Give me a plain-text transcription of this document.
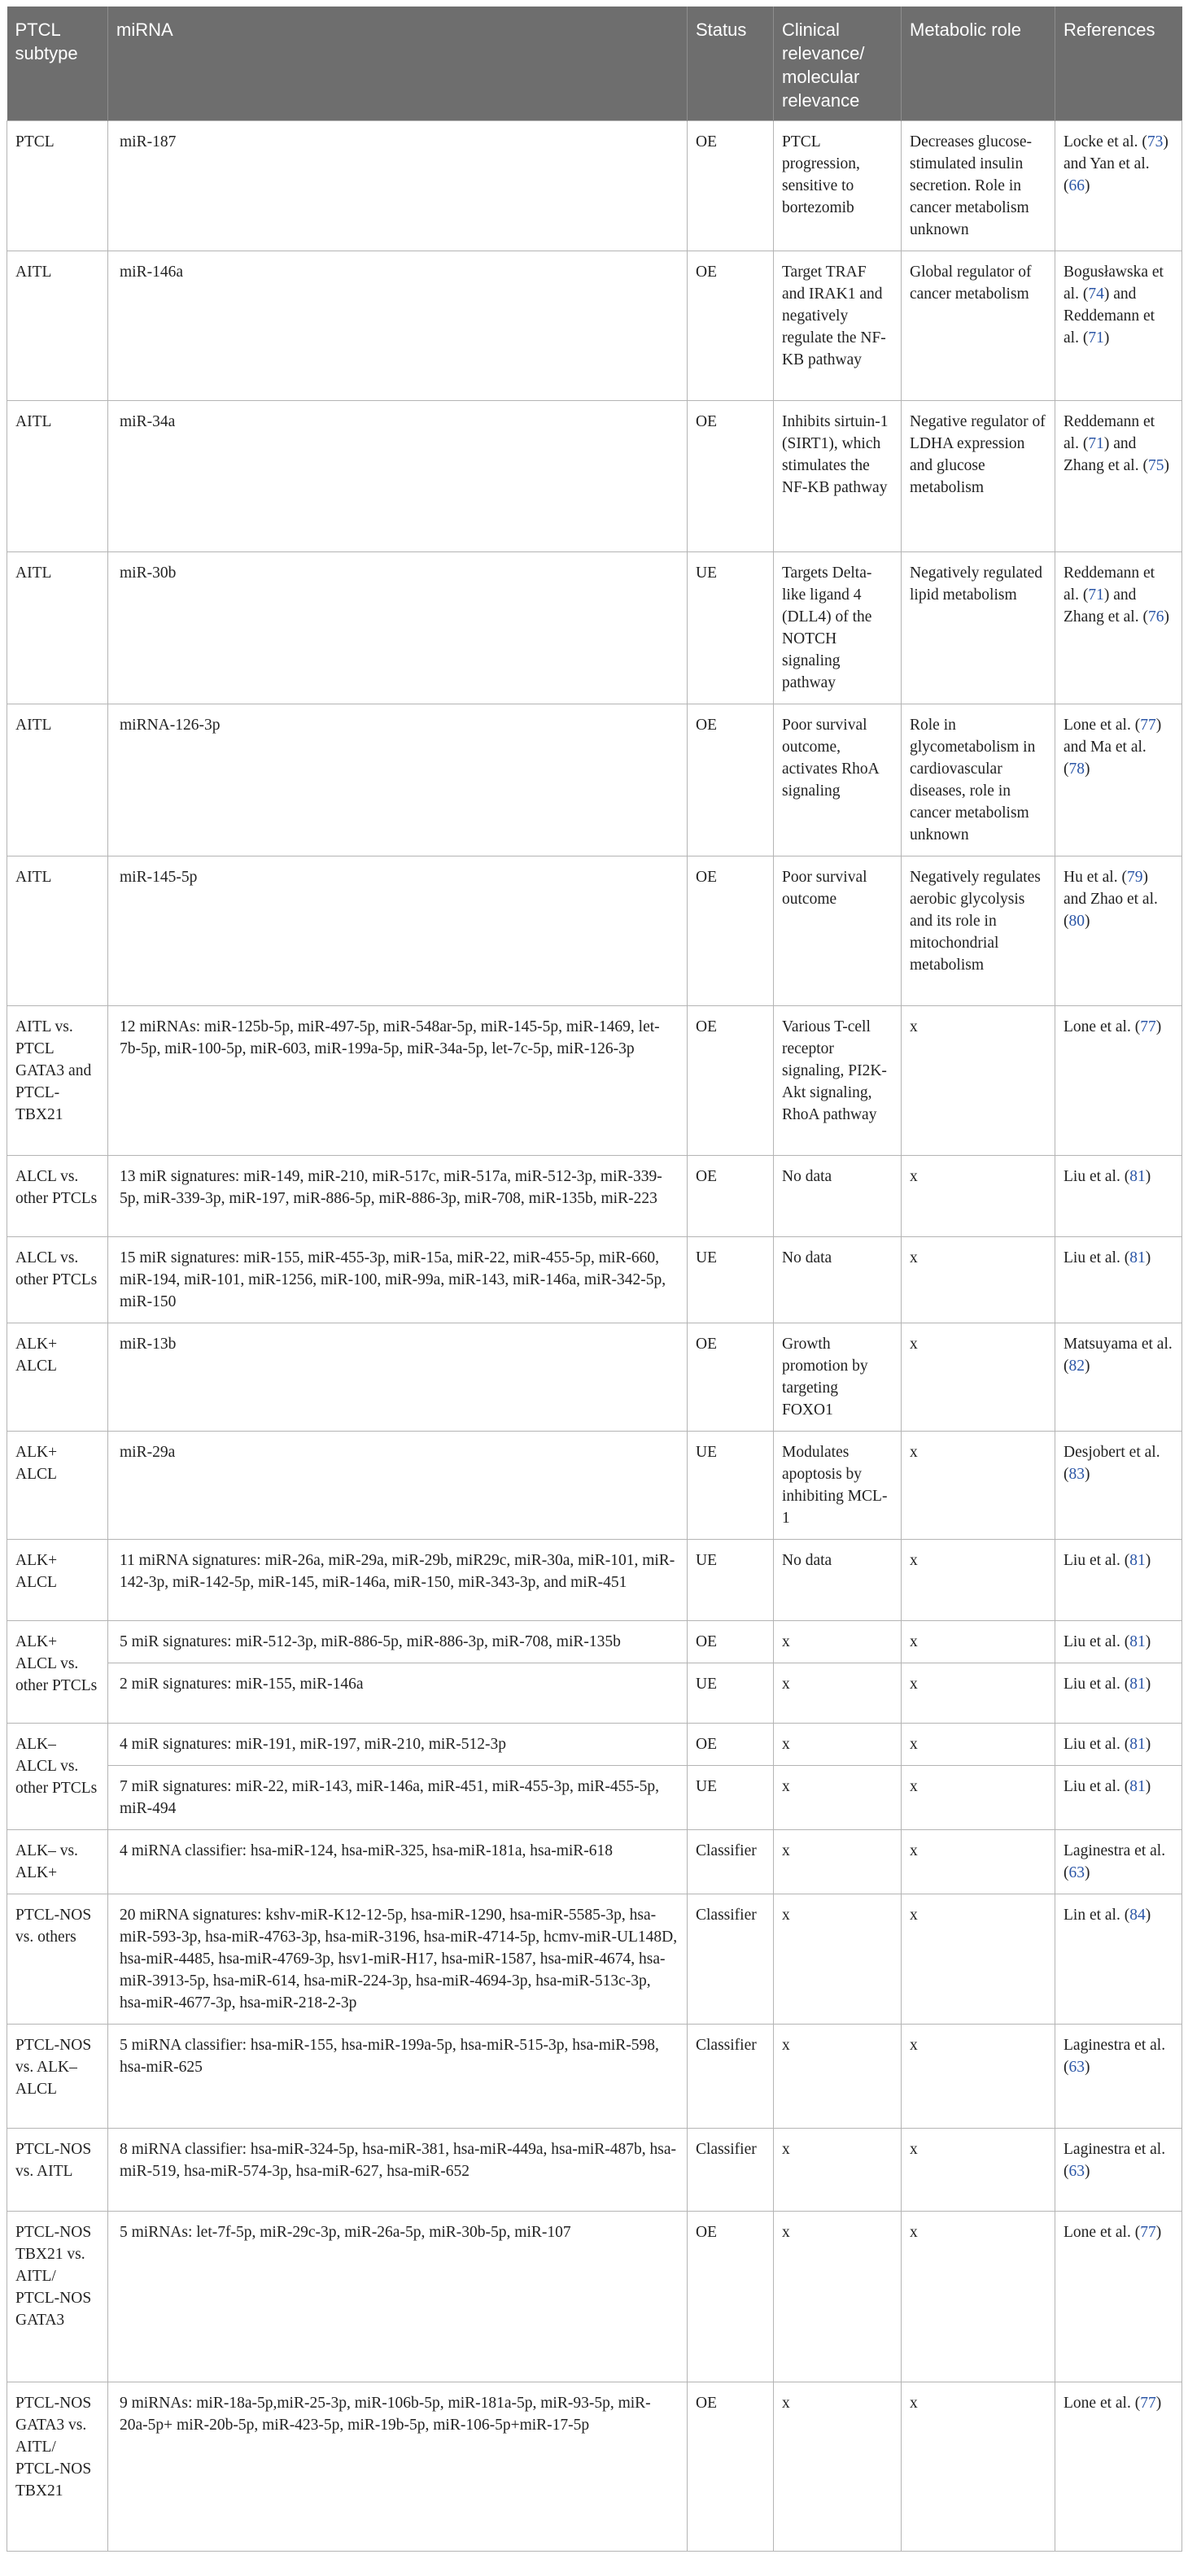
PTCL subtype	miRNA	Status	Clinical relevance/ molecular relevance	Metabolic role	References
PTCL	miR-187	OE	PTCL progression, sensitive to bortezomib	Decreases glucose-stimulated insulin secretion. Role in cancer metabolism unknown	Locke et al. (73) and Yan et al. (66)
AITL	miR-146a	OE	Target TRAF and IRAK1 and negatively regulate the NF-KB pathway	Global regulator of cancer metabolism	Bogusławska et al. (74) and Reddemann et al. (71)
AITL	miR-34a	OE	Inhibits sirtuin-1 (SIRT1), which stimulates the NF-KB pathway	Negative regulator of LDHA expression and glucose metabolism	Reddemann et al. (71) and Zhang et al. (75)
AITL	miR-30b	UE	Targets Delta-like ligand 4 (DLL4) of the NOTCH signaling pathway	Negatively regulated lipid metabolism	Reddemann et al. (71) and Zhang et al. (76)
AITL	miRNA-126-3p	OE	Poor survival outcome, activates RhoA signaling	Role in glycometabolism in cardiovascular diseases, role in cancer metabolism unknown	Lone et al. (77) and Ma et al. (78)
AITL	miR-145-5p	OE	Poor survival outcome	Negatively regulates aerobic glycolysis and its role in mitochondrial metabolism	Hu et al. (79) and Zhao et al. (80)
AITL vs. PTCL GATA3 and PTCL-TBX21	12 miRNAs: miR-125b-5p, miR-497-5p, miR-548ar-5p, miR-145-5p, miR-1469, let-7b-5p, miR-100-5p, miR-603, miR-199a-5p, miR-34a-5p, let-7c-5p, miR-126-3p	OE	Various T-cell receptor signaling, PI2K-Akt signaling, RhoA pathway	x	Lone et al. (77)
ALCL vs. other PTCLs	13 miR signatures: miR-149, miR-210, miR-517c, miR-517a, miR-512-3p, miR-339-5p, miR-339-3p, miR-197, miR-886-5p, miR-886-3p, miR-708, miR-135b, miR-223	OE	No data	x	Liu et al. (81)
ALCL vs. other PTCLs	15 miR signatures: miR-155, miR-455-3p, miR-15a, miR-22, miR-455-5p, miR-660, miR-194, miR-101, miR-1256, miR-100, miR-99a, miR-143, miR-146a, miR-342-5p, miR-150	UE	No data	x	Liu et al. (81)
ALK+ ALCL	miR-13b	OE	Growth promotion by targeting FOXO1	x	Matsuyama et al. (82)
ALK+ ALCL	miR-29a	UE	Modulates apoptosis by inhibiting MCL-1	x	Desjobert et al. (83)
ALK+ ALCL	11 miRNA signatures: miR-26a, miR-29a, miR-29b, miR29c, miR-30a, miR-101, miR-142-3p, miR-142-5p, miR-145, miR-146a, miR-150, miR-343-3p, and miR-451	UE	No data	x	Liu et al. (81)
ALK+ ALCL vs. other PTCLs	5 miR signatures: miR-512-3p, miR-886-5p, miR-886-3p, miR-708, miR-135b	OE	x	x	Liu et al. (81)
	2 miR signatures: miR-155, miR-146a	UE	x	x	Liu et al. (81)
ALK– ALCL vs. other PTCLs	4 miR signatures: miR-191, miR-197, miR-210, miR-512-3p	OE	x	x	Liu et al. (81)
	7 miR signatures: miR-22, miR-143, miR-146a, miR-451, miR-455-3p, miR-455-5p, miR-494	UE	x	x	Liu et al. (81)
ALK– vs. ALK+	4 miRNA classifier: hsa-miR-124, hsa-miR-325, hsa-miR-181a, hsa-miR-618	Classifier	x	x	Laginestra et al. (63)
PTCL-NOS vs. others	20 miRNA signatures: kshv-miR-K12-12-5p, hsa-miR-1290, hsa-miR-5585-3p, hsa-miR-593-3p, hsa-miR-4763-3p, hsa-miR-3196, hsa-miR-4714-5p, hcmv-miR-UL148D, hsa-miR-4485, hsa-miR-4769-3p, hsv1-miR-H17, hsa-miR-1587, hsa-miR-4674, hsa-miR-3913-5p, hsa-miR-614, hsa-miR-224-3p, hsa-miR-4694-3p, hsa-miR-513c-3p, hsa-miR-4677-3p, hsa-miR-218-2-3p	Classifier	x	x	Lin et al. (84)
PTCL-NOS vs. ALK– ALCL	5 miRNA classifier: hsa-miR-155, hsa-miR-199a-5p, hsa-miR-515-3p, hsa-miR-598, hsa-miR-625	Classifier	x	x	Laginestra et al. (63)
PTCL-NOS vs. AITL	8 miRNA classifier: hsa-miR-324-5p, hsa-miR-381, hsa-miR-449a, hsa-miR-487b, hsa-miR-519, hsa-miR-574-3p, hsa-miR-627, hsa-miR-652	Classifier	x	x	Laginestra et al. (63)
PTCL-NOS TBX21 vs. AITL/ PTCL-NOS GATA3	5 miRNAs: let-7f-5p, miR-29c-3p, miR-26a-5p, miR-30b-5p, miR-107	OE	x	x	Lone et al. (77)
PTCL-NOS GATA3 vs. AITL/ PTCL-NOS TBX21	9 miRNAs: miR-18a-5p,miR-25-3p, miR-106b-5p, miR-181a-5p, miR-93-5p, miR-20a-5p+ miR-20b-5p, miR-423-5p, miR-19b-5p, miR-106-5p+miR-17-5p	OE	x	x	Lone et al. (77)
